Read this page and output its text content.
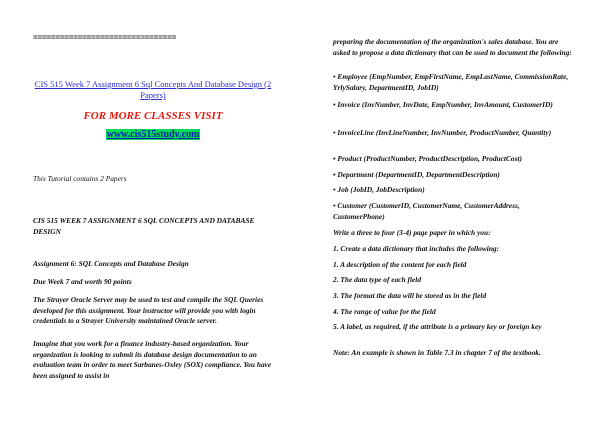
================================

CIS 515 Week 7 Assignment 6 Sql Concepts And Database Design (2 Papers)

FOR MORE CLASSES VISIT

www.cis515study.com

This Tutorial contains 2 Papers

CIS 515 WEEK 7 ASSIGNMENT 6 SQL CONCEPTS AND DATABASE DESIGN

Assignment 6: SQL Concepts and Database Design

Due Week 7 and worth 90 points

The Strayer Oracle Server may be used to test and compile the SQL Queries developed for this assignment. Your instructor will provide you with login credentials to a Strayer University maintained Oracle server.

Imagine that you work for a finance industry-based organization. Your organization is looking to submit its database design documentation to an evaluation team in order to meet Sarbanes-Oxley (SOX) compliance. You have been assigned to assist in

preparing the documentation of the organization's sales database. You are asked to propose a data dictionary that can be used to document the following:

• Employee (EmpNumber, EmpFirstName, EmpLastName, CommissionRate, YrlySalary, DepartmentID, JobID)

• Invoice (InvNumber, InvDate, EmpNumber, InvAmount, CustomerID)

• InvoiceLine (InvLineNumber, InvNumber, ProductNumber, Quantity)

• Product (ProductNumber, ProductDescription, ProductCost)

• Department (DepartmentID, DepartmentDescription)

• Job (JobID, JobDescription)

• Customer (CustomerID, CustomerName, CustomerAddress, CustomerPhone)

Write a three to four (3-4) page paper in which you:

1. Create a data dictionary that includes the following:

1. A description of the content for each field

2. The data type of each field

3. The format the data will be stored as in the field

4. The range of value for the field

5. A label, as required, if the attribute is a primary key or foreign key

Note: An example is shown in Table 7.3 in chapter 7 of the textbook.
